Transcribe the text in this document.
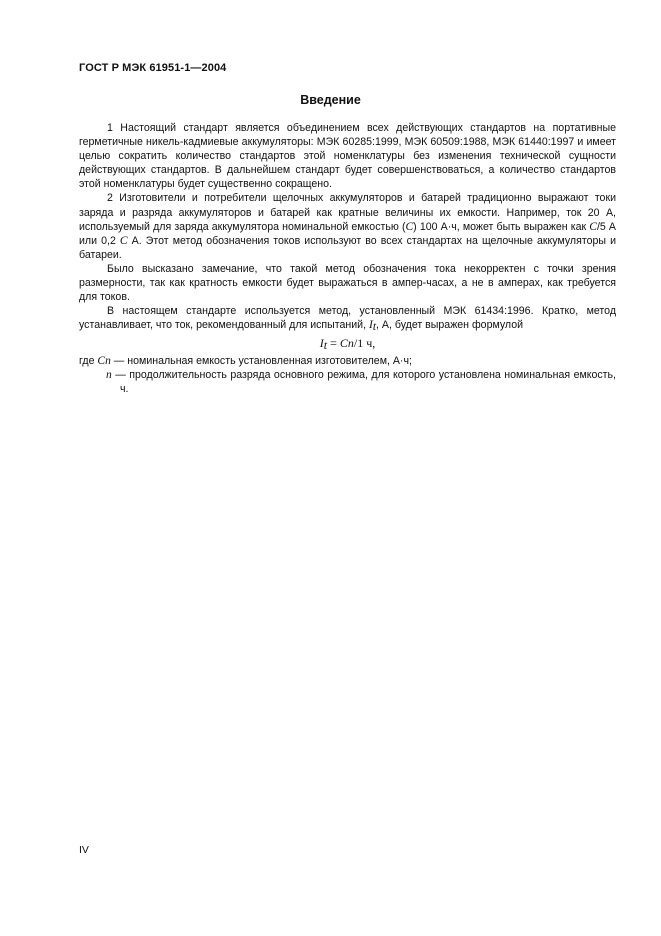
ГОСТ Р МЭК 61951-1—2004
Введение

1 Настоящий стандарт является объединением всех действующих стандартов на портативные герметичные никель-кадмиевые аккумуляторы: МЭК 60285:1999, МЭК 60509:1988, МЭК 61440:1997 и имеет целью сократить количество стандартов этой номенклатуры без изменения технической сущности действующих стандартов. В дальнейшем стандарт будет совершенствоваться, а количество стандартов этой номенклатуры будет существенно сокращено.

2 Изготовители и потребители щелочных аккумуляторов и батарей традиционно выражают токи заряда и разряда аккумуляторов и батарей как кратные величины их емкости. Например, ток 20 А, используемый для заряда аккумулятора номинальной емкостью (C) 100 А·ч, может быть выражен как C/5 А или 0,2 C А. Этот метод обозначения токов используют во всех стандартах на щелочные аккумуляторы и батареи.

Было высказано замечание, что такой метод обозначения тока некорректен с точки зрения размерности, так как кратность емкости будет выражаться в ампер-часах, а не в амперах, как требуется для токов.

В настоящем стандарте используется метод, установленный МЭК 61434:1996. Кратко, метод устанавливает, что ток, рекомендованный для испытаний, $I_t$, А, будет выражен формулой

$I_t = Cn/1$ ч,
где Cn — номинальная емкость установленная изготовителем, А·ч;
n — продолжительность разряда основного режима, для которого установлена номинальная емкость, ч.
IV
